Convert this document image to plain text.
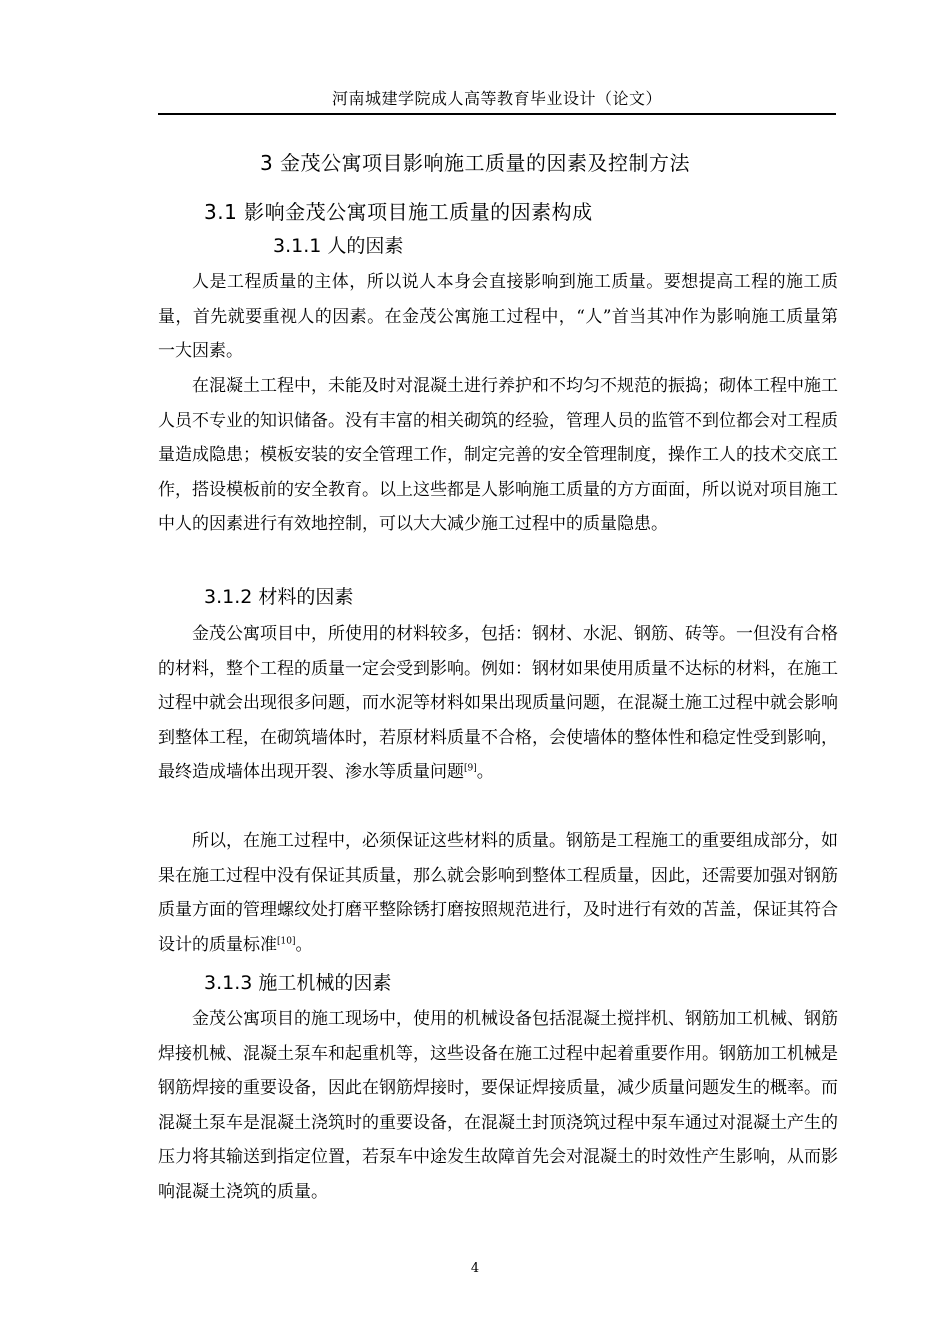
河南城建学院成人高等教育毕业设计（论文）
3 金茂公寓项目影响施工质量的因素及控制方法
3.1 影响金茂公寓项目施工质量的因素构成
3.1.1 人的因素

人是工程质量的主体，所以说人本身会直接影响到施工质量。要想提高工程的施工质量，首先就要重视人的因素。在金茂公寓施工过程中，“人”首当其冲作为影响施工质量第一大因素。

在混凝土工程中，未能及时对混凝土进行养护和不均匀不规范的振捣；砌体工程中施工人员不专业的知识储备。没有丰富的相关砌筑的经验，管理人员的监管不到位都会对工程质量造成隐患；模板安装的安全管理工作，制定完善的安全管理制度，操作工人的技术交底工作，搭设模板前的安全教育。以上这些都是人影响施工质量的方方面面，所以说对项目施工中人的因素进行有效地控制，可以大大减少施工过程中的质量隐患。

3.1.2 材料的因素

金茂公寓项目中，所使用的材料较多，包括：钢材、水泥、钢筋、砖等。一但没有合格的材料，整个工程的质量一定会受到影响。例如：钢材如果使用质量不达标的材料，在施工过程中就会出现很多问题，而水泥等材料如果出现质量问题，在混凝土施工过程中就会影响到整体工程，在砌筑墙体时，若原材料质量不合格，会使墙体的整体性和稳定性受到影响，最终造成墙体出现开裂、渗水等质量问题[9]。

所以，在施工过程中，必须保证这些材料的质量。钢筋是工程施工的重要组成部分，如果在施工过程中没有保证其质量，那么就会影响到整体工程质量，因此，还需要加强对钢筋质量方面的管理螺纹处打磨平整除锈打磨按照规范进行，及时进行有效的苫盖，保证其符合设计的质量标准[10]。

3.1.3 施工机械的因素

金茂公寓项目的施工现场中，使用的机械设备包括混凝土搅拌机、钢筋加工机械、钢筋焊接机械、混凝土泵车和起重机等，这些设备在施工过程中起着重要作用。钢筋加工机械是钢筋焊接的重要设备，因此在钢筋焊接时，要保证焊接质量，减少质量问题发生的概率。而混凝土泵车是混凝土浇筑时的重要设备，在混凝土封顶浇筑过程中泵车通过对混凝土产生的压力将其输送到指定位置，若泵车中途发生故障首先会对混凝土的时效性产生影响，从而影响混凝土浇筑的质量。

4
